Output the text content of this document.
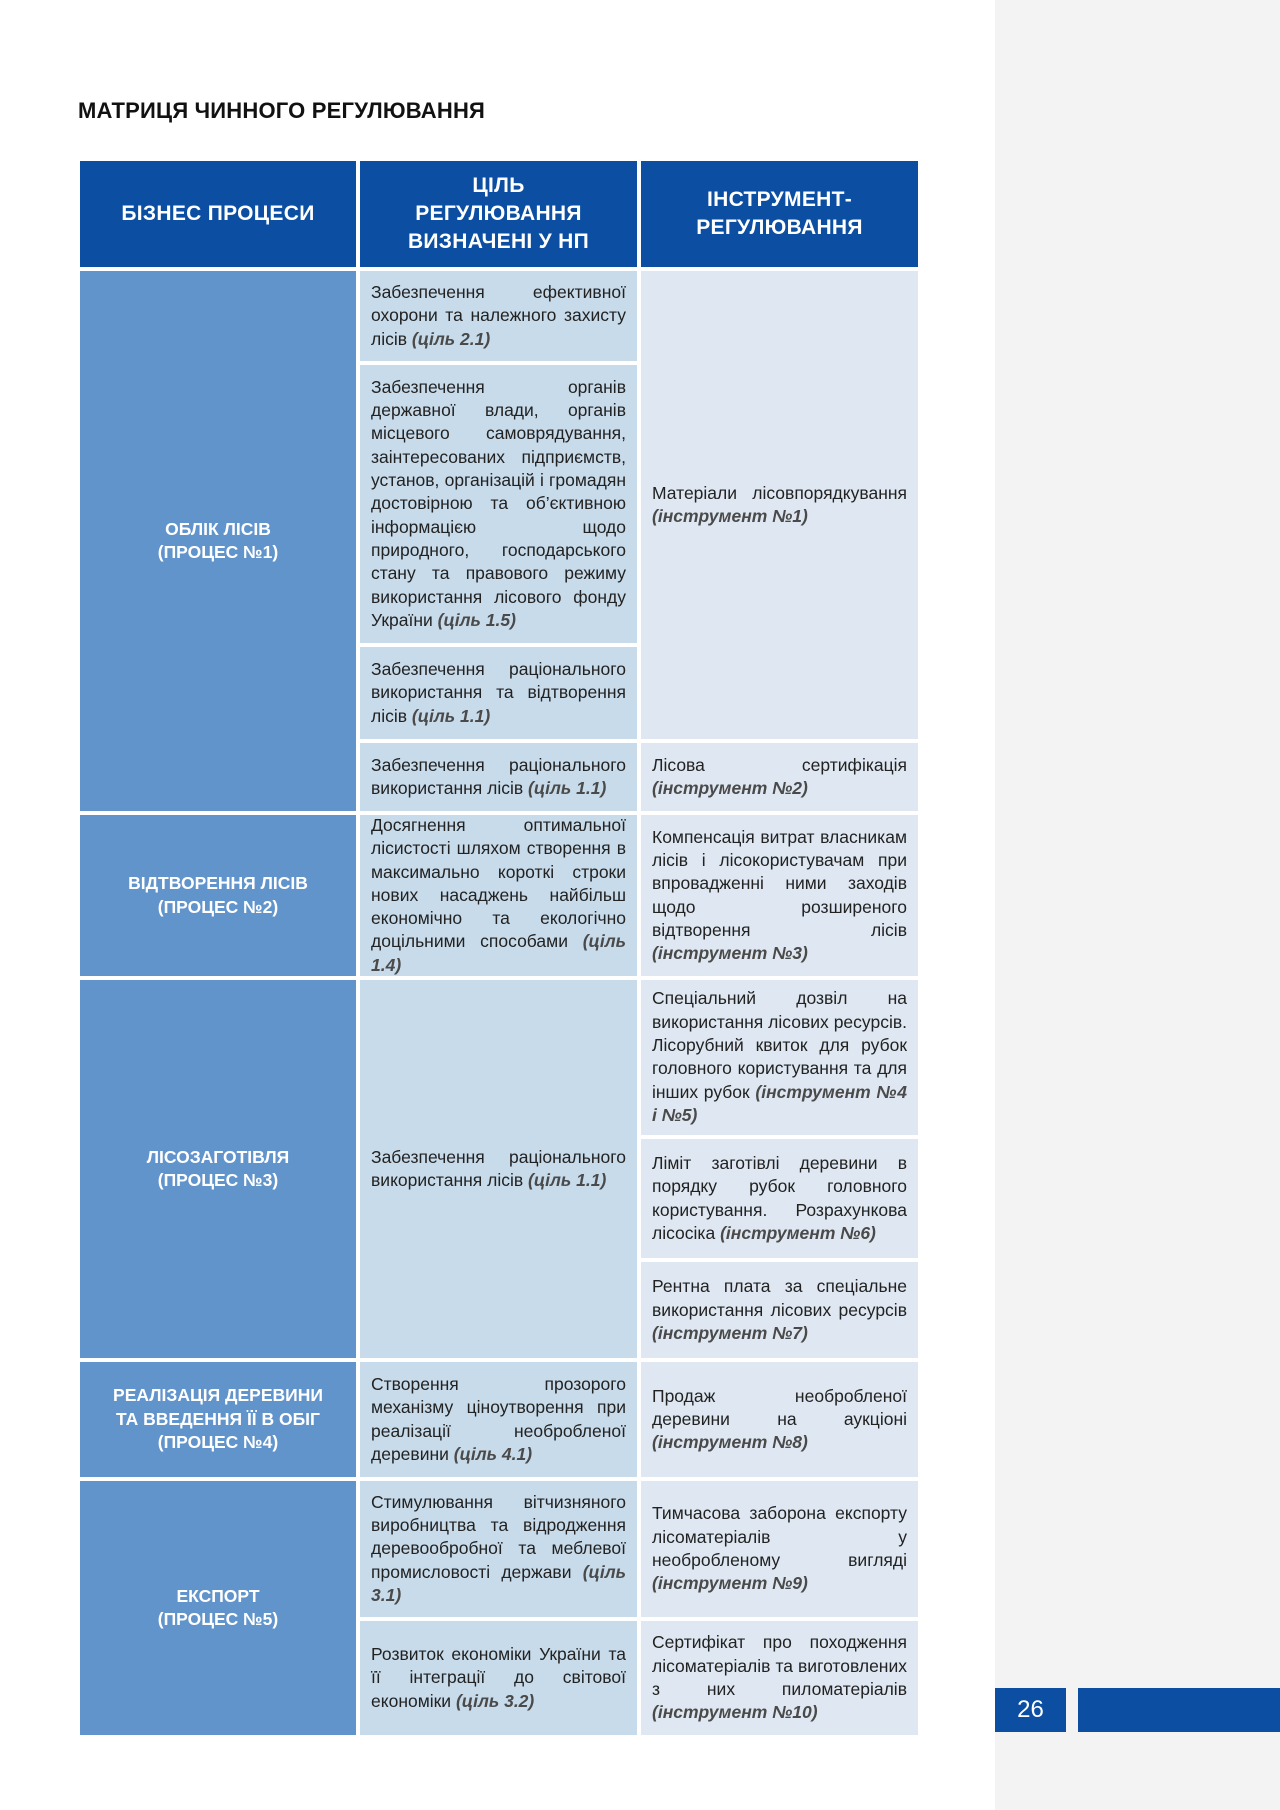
МАТРИЦЯ ЧИННОГО РЕГУЛЮВАННЯ
БІЗНЕС ПРОЦЕСИ
ЦІЛЬ РЕГУЛЮВАННЯ ВИЗНАЧЕНІ У НП
ІНСТРУМЕНТ-РЕГУЛЮВАННЯ
ОБЛІК ЛІСІВ
(ПРОЦЕС №1)
Забезпечення ефективної охорони та належного захисту лісів (ціль 2.1)
Забезпечення органів державної влади, органів місцевого самоврядування, заінтересованих підприємств, установ, організацій і громадян достовірною та об’єктивною інформацією щодо природного, господарського стану та правового режиму використання лісового фонду України (ціль 1.5)
Забезпечення раціонального використання та відтворення лісів (ціль 1.1)
Забезпечення раціонального використання лісів (ціль 1.1)
Матеріали лісовпорядкування (інструмент №1)
Лісова сертифікація (інструмент №2)
ВІДТВОРЕННЯ ЛІСІВ
(ПРОЦЕС №2)
Досягнення оптимальної лісистості шляхом створення в максимально короткі строки нових насаджень найбільш економічно та екологічно доцільними способами (ціль 1.4)
Компенсація витрат власникам лісів і лісокористувачам при впровадженні ними заходів щодо розширеного відтворення лісів (інструмент №3)
ЛІСОЗАГОТІВЛЯ
(ПРОЦЕС №3)
Забезпечення раціонального використання лісів (ціль 1.1)
Спеціальний дозвіл на використання лісових ресурсів. Лісорубний квиток для рубок головного користування та для інших рубок (інструмент №4 і №5)
Ліміт заготівлі деревини в порядку рубок головного користування. Розрахункова лісосіка (інструмент №6)
Рентна плата за спеціальне використання лісових ресурсів (інструмент №7)
РЕАЛІЗАЦІЯ ДЕРЕВИНИ ТА ВВЕДЕННЯ ЇЇ В ОБІГ
(ПРОЦЕС №4)
Створення прозорого механізму ціноутворення при реалізації необробленої деревини (ціль 4.1)
Продаж необробленої деревини на аукціоні (інструмент №8)
ЕКСПОРТ
(ПРОЦЕС №5)
Стимулювання вітчизняного виробництва та відродження деревообробної та меблевої промисловості держави (ціль 3.1)
Розвиток економіки України та її інтеграції до світової економіки (ціль 3.2)
Тимчасова заборона експорту лісоматеріалів у необробленому вигляді (інструмент №9)
Сертифікат про походження лісоматеріалів та виготовлених з них пиломатеріалів (інструмент №10)	26
